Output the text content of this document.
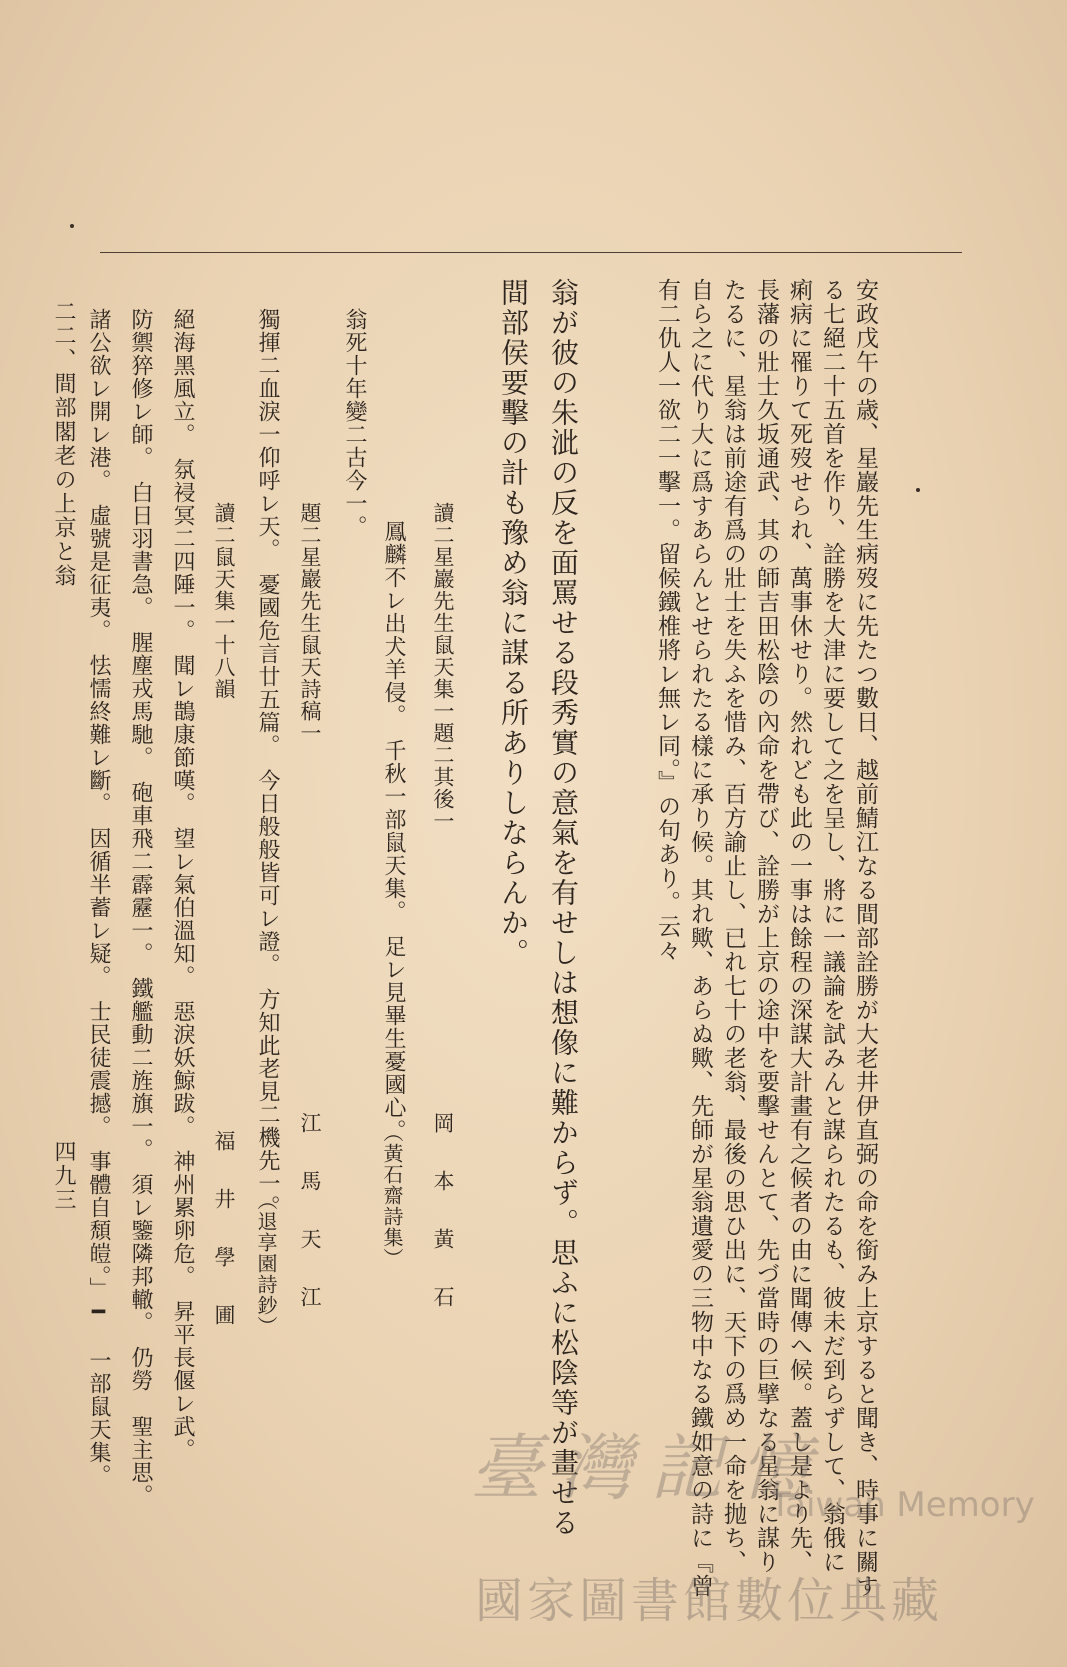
安政戊午の歳、星巖先生病歿に先たつ數日、越前鯖江なる間部詮勝が大老井伊直弼の命を銜み上京すると聞き、時事に關す
る七絕二十五首を作り、詮勝を大津に要して之を呈し、將に一議論を試みんと謀られたるも、彼未だ到らずして、翁俄に
痢病に罹りて死歿せられ、萬事休せり。然れども此の一事は餘程の深謀大計畫有之候者の由に聞傳へ候。蓋し是より先、
長藩の壯士久坂通武、其の師吉田松陰の內命を帶び、詮勝が上京の途中を要擊せんとて、先づ當時の巨擘なる星翁に謀り
たるに、星翁は前途有爲の壯士を失ふを惜み、百方諭止し、已れ七十の老翁、最後の思ひ出に、天下の爲め一命を抛ち、
自ら之に代り大に爲すあらんとせられたる樣に承り候。其れ歟、あらぬ歟、先師が星翁遺愛の三物中なる鐵如意の詩に『曾
有二仇人一欲二一擊一。留候鐵椎將レ無レ同。』の句あり。云々
翁が彼の朱泚の反を面罵せる段秀實の意氣を有せしは想像に難からず。思ふに松陰等が畫せる
間部侯要擊の計も豫め翁に謀る所ありしならんか。
讀二星巖先生鼠天集一題二其後一
岡　本　黃　石
鳳麟不レ出犬羊侵。　千秋一部鼠天集。　足レ見畢生憂國心。
（黃石齋詩集）
翁死十年變二古今一。
題二星巖先生鼠天詩稿一
江　馬　天　江
獨揮二血淚一仰呼レ天。　憂國危言廿五篇。　今日般般皆可レ證。　方知此老見二機先一。
（退享園詩鈔）
讀二鼠天集一十八韻
福　井　學　圃
絕海黑風立。　氛祲冥二四陲一。　聞レ鵲康節嘆。　望レ氣伯溫知。　惡淚妖鯨跋。　神州累卵危。　昇平長偃レ武。
防禦猝修レ師。　白日羽書急。　腥塵戎馬馳。　砲車飛二霹靂一。　鐵艦動二旌旗一。　須レ鑒隣邦轍。　仍勞　聖主思。
諸公欲レ開レ港。　虛號是征夷。　怯懦終難レ斷。　因循半蓄レ疑。　士民徒震撼。　事體自頹皚。」━　一部鼠天集。
二二、間部閣老の上京と翁
四九三
臺灣記憶
Taiwan Memory
國家圖書館數位典藏
